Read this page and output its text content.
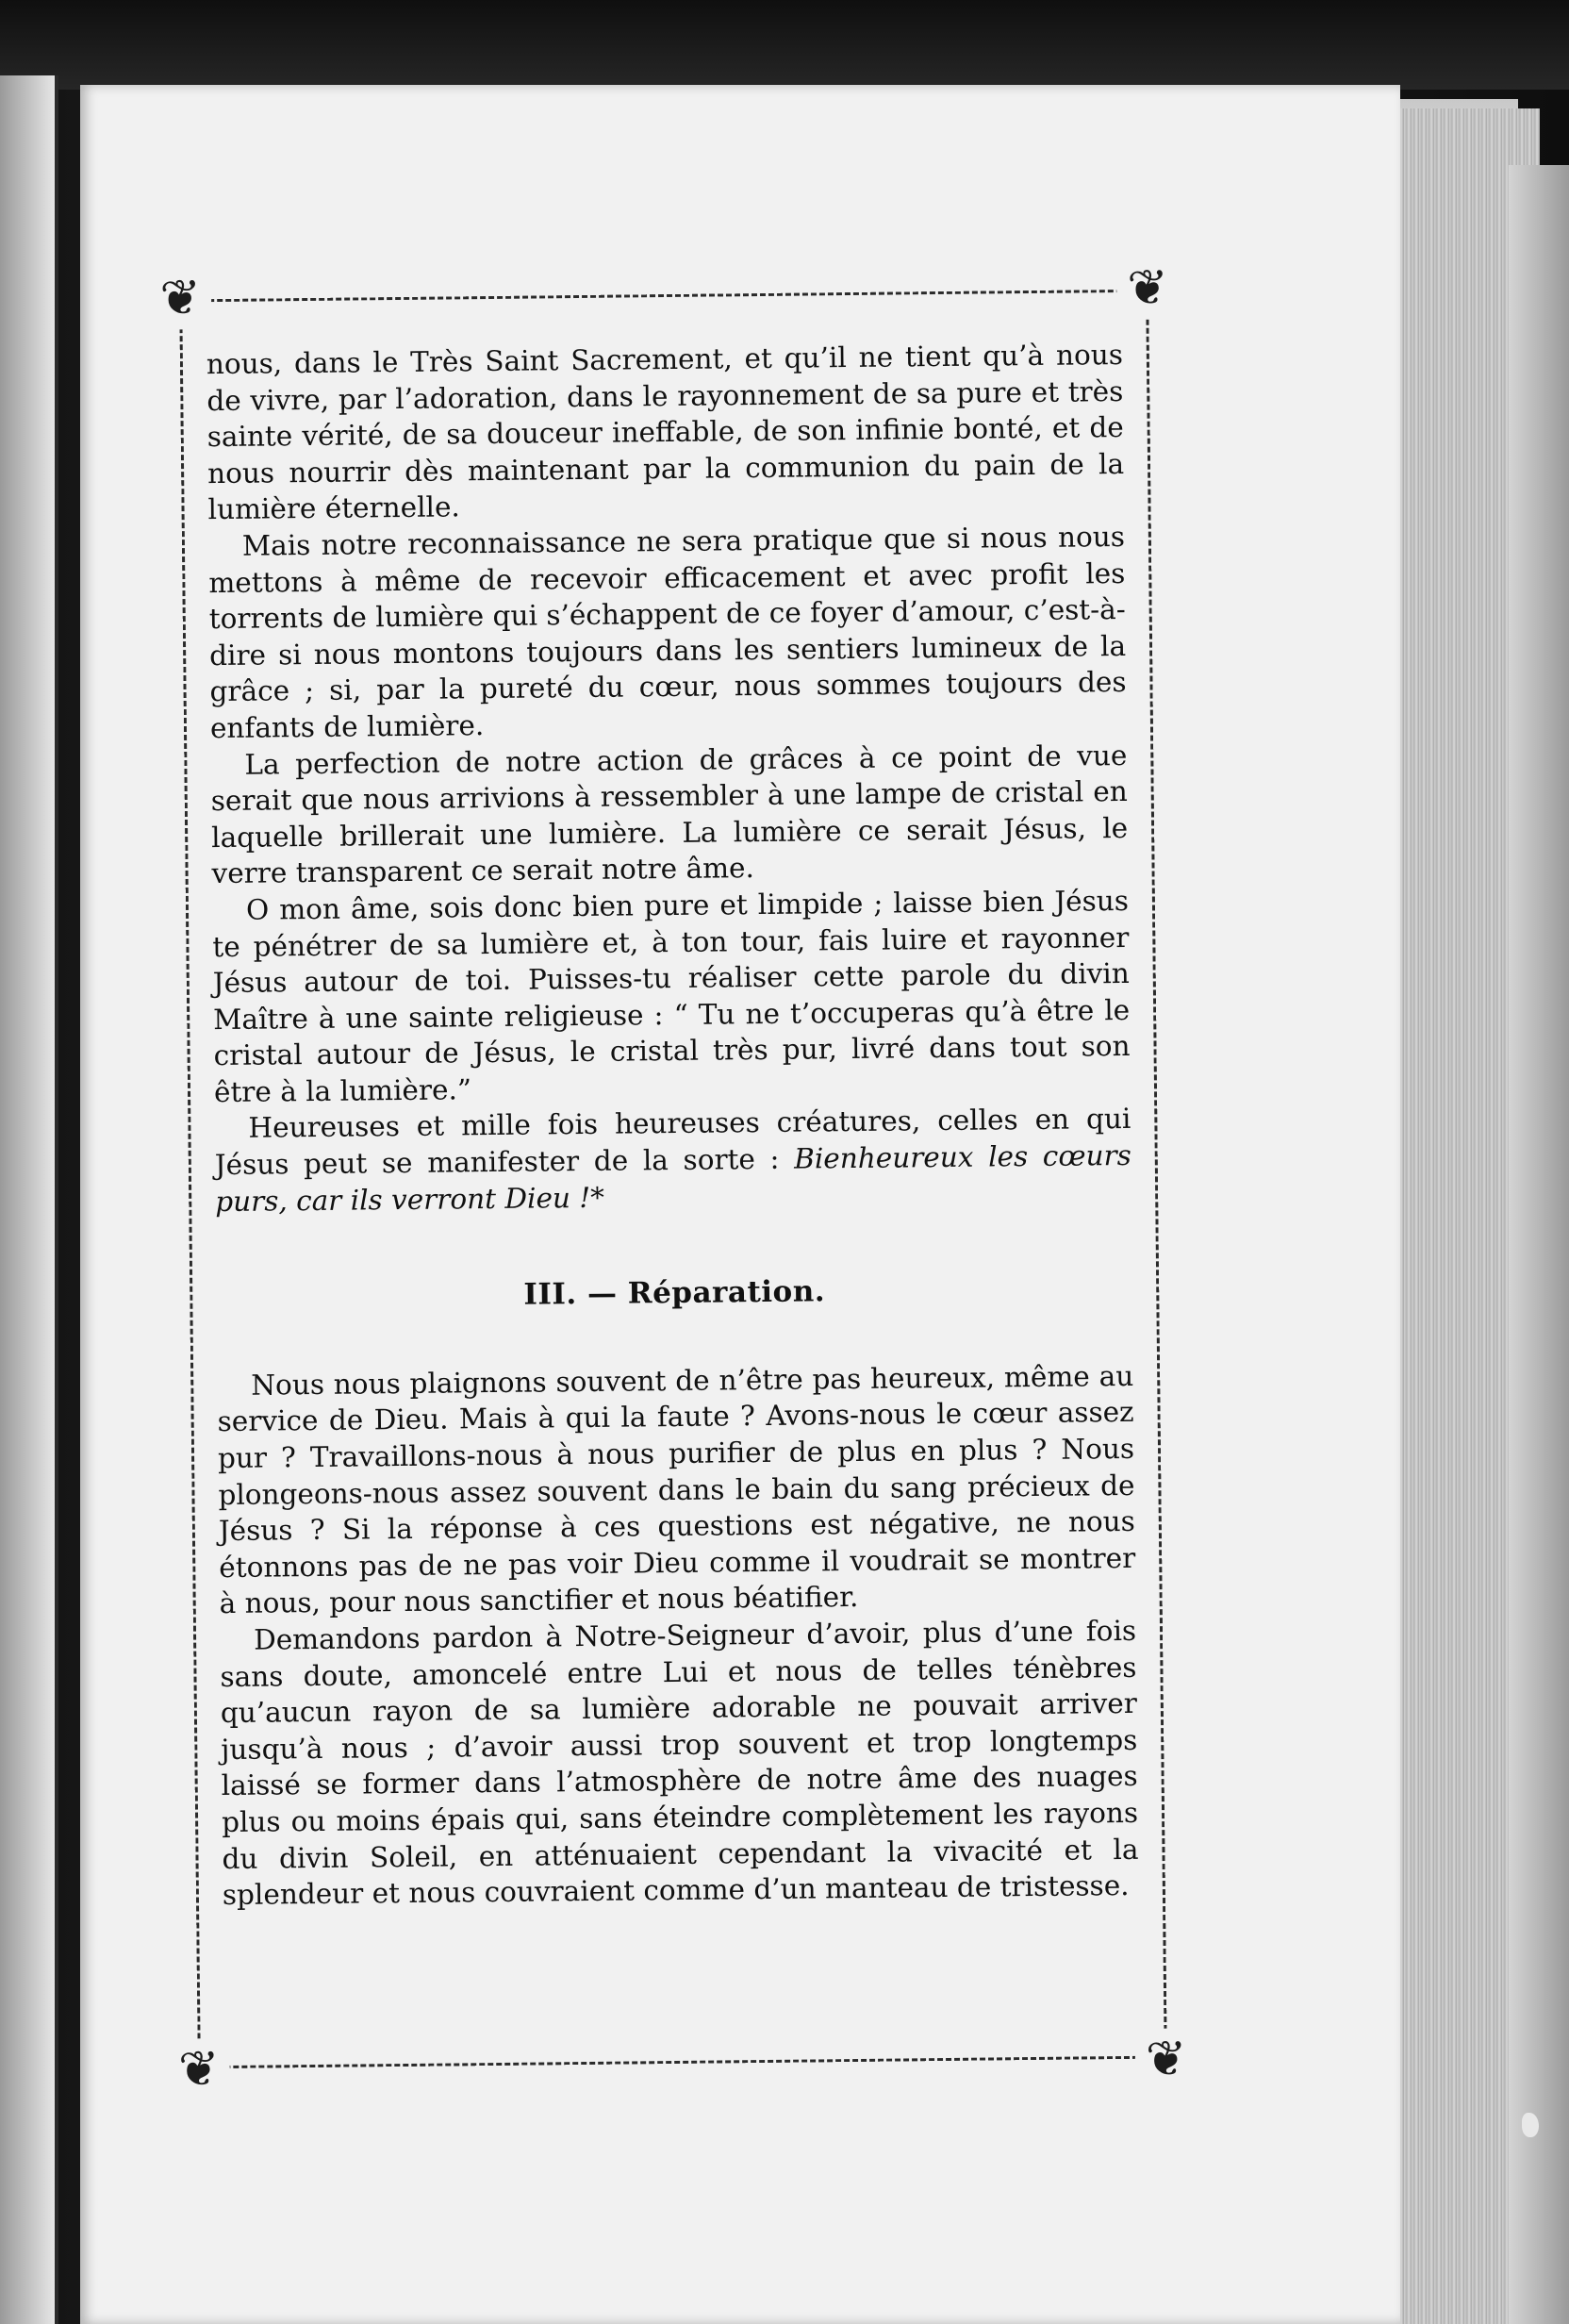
❦	❦
❦	❦

nous, dans le Très Saint Sacrement, et qu’il ne tient qu’à nous de vivre, par l’adoration, dans le rayonnement de sa pure et très sainte vérité, de sa douceur ineffable, de son infinie bonté, et de nous nourrir dès maintenant par la communion du pain de la lumière éternelle.

Mais notre reconnaissance ne sera pratique que si nous nous mettons à même de recevoir efficacement et avec profit les torrents de lumière qui s’échappent de ce foyer d’amour, c’est-à-dire si nous montons toujours dans les sentiers lumineux de la grâce ; si, par la pureté du cœur, nous sommes toujours des enfants de lumière.

La perfection de notre action de grâces à ce point de vue serait que nous arrivions à ressembler à une lampe de cristal en laquelle brillerait une lumière. La lumière ce serait Jésus, le verre transparent ce serait notre âme.

O mon âme, sois donc bien pure et limpide ; laisse bien Jésus te pénétrer de sa lumière et, à ton tour, fais luire et rayonner Jésus autour de toi. Puisses-tu réaliser cette parole du divin Maître à une sainte religieuse : “ Tu ne t’occuperas qu’à être le cristal autour de Jésus, le cristal très pur, livré dans tout son être à la lumière.”

Heureuses et mille fois heureuses créatures, celles en qui Jésus peut se manifester de la sorte : Bienheureux les cœurs purs, car ils verront Dieu !*

III. — Réparation.

Nous nous plaignons souvent de n’être pas heureux, même au service de Dieu. Mais à qui la faute ? Avons-nous le cœur assez pur ? Travaillons-nous à nous purifier de plus en plus ? Nous plongeons-nous assez souvent dans le bain du sang précieux de Jésus ? Si la réponse à ces questions est négative, ne nous étonnons pas de ne pas voir Dieu comme il voudrait se montrer à nous, pour nous sanctifier et nous béatifier.

Demandons pardon à Notre-Seigneur d’avoir, plus d’une fois sans doute, amoncelé entre Lui et nous de telles ténèbres qu’aucun rayon de sa lumière adorable ne pouvait arriver jusqu’à nous ; d’avoir aussi trop souvent et trop longtemps laissé se former dans l’atmosphère de notre âme des nuages plus ou moins épais qui, sans éteindre complètement les rayons du divin Soleil, en atténuaient cependant la vivacité et la splendeur et nous couvraient comme d’un manteau de tristesse.
